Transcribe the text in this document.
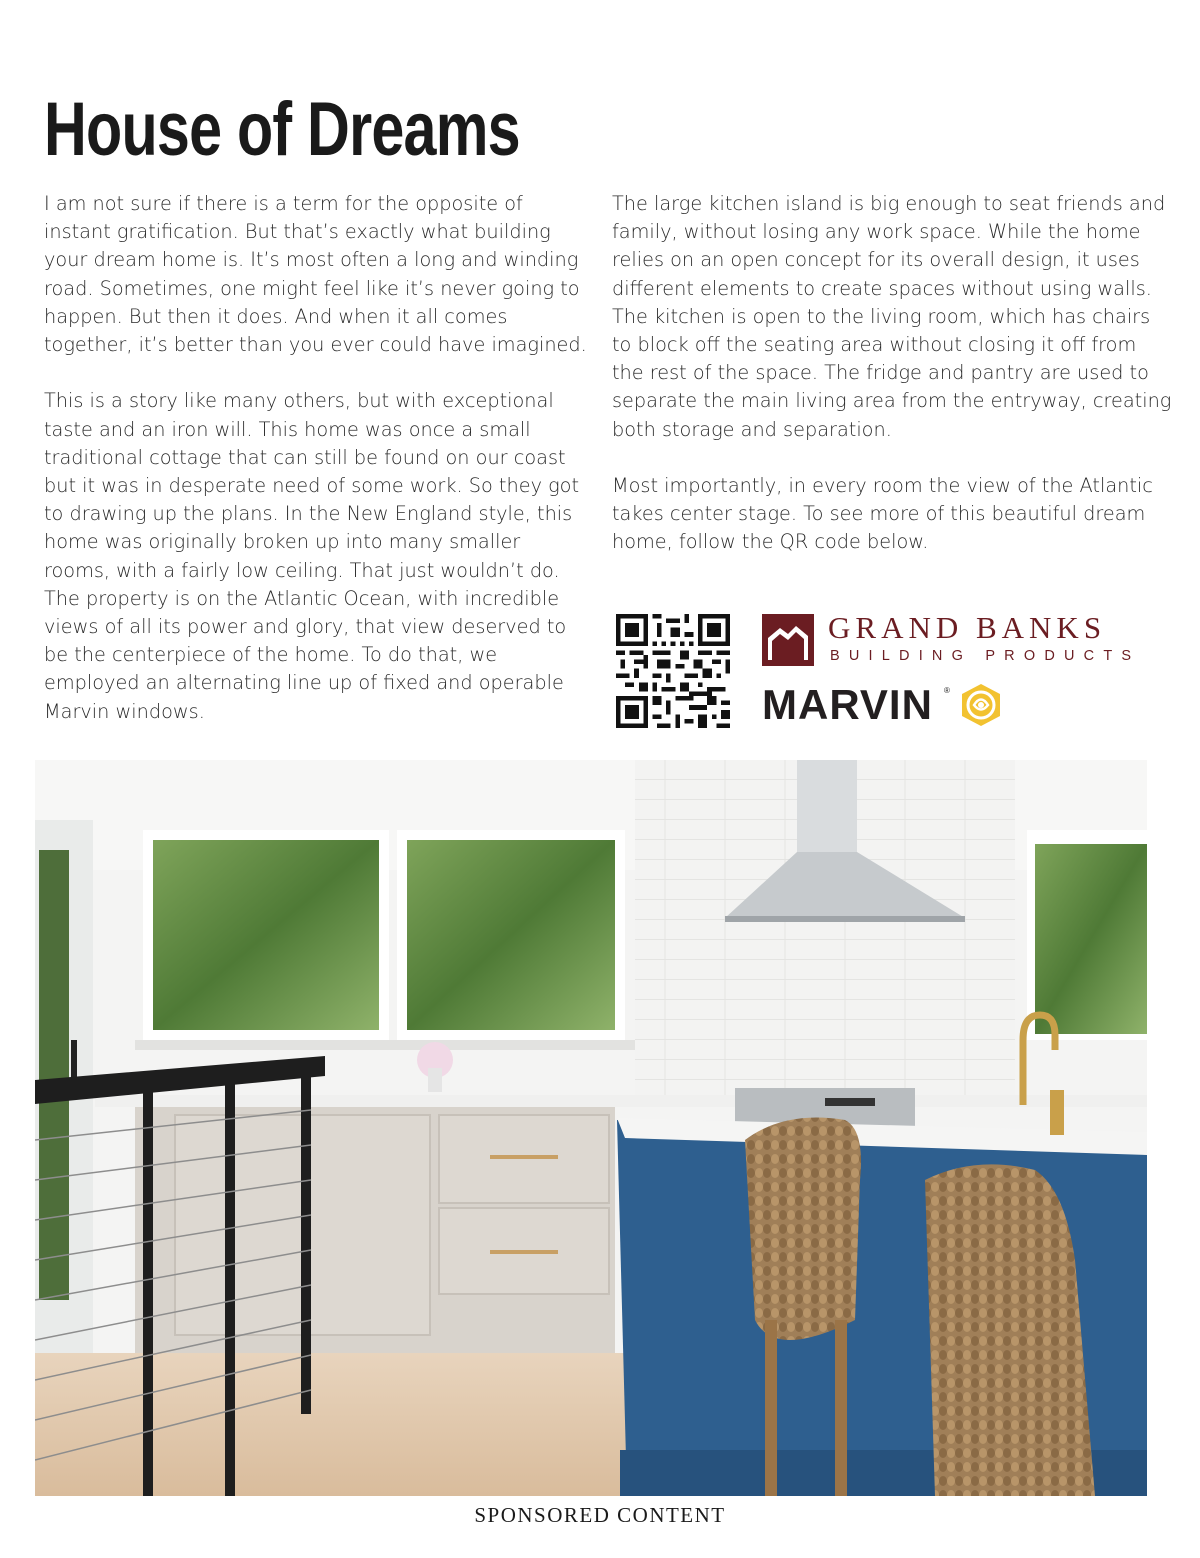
House of Dreams

I am not sure if there is a term for the opposite of instant gratification. But that’s exactly what building your dream home is. It’s most often a long and winding road. Sometimes, one might feel like it’s never going to happen. But then it does. And when it all comes together, it’s better than you ever could have imagined.

This is a story like many others, but with exceptional taste and an iron will. This home was once a small traditional cottage that can still be found on our coast but it was in desperate need of some work. So they got to drawing up the plans. In the New England style, this home was originally broken up into many smaller rooms, with a fairly low ceiling. That just wouldn’t do. The property is on the Atlantic Ocean, with incredible views of all its power and glory, that view deserved to be the centerpiece of the home. To do that, we employed an alternating line up of fixed and operable Marvin windows.

The large kitchen island is big enough to seat friends and family, without losing any work space. While the home relies on an open concept for its overall design, it uses different elements to create spaces without using walls. The kitchen is open to the living room, which has chairs to block off the seating area without closing it off from the rest of the space. The fridge and pantry are used to separate the main living area from the entryway, creating both storage and separation.

Most importantly, in every room the view of the Atlantic takes center stage. To see more of this beautiful dream home, follow the QR code below.

GRAND BANKS
BUILDING PRODUCTS
MARVIN ®
SPONSORED CONTENT
